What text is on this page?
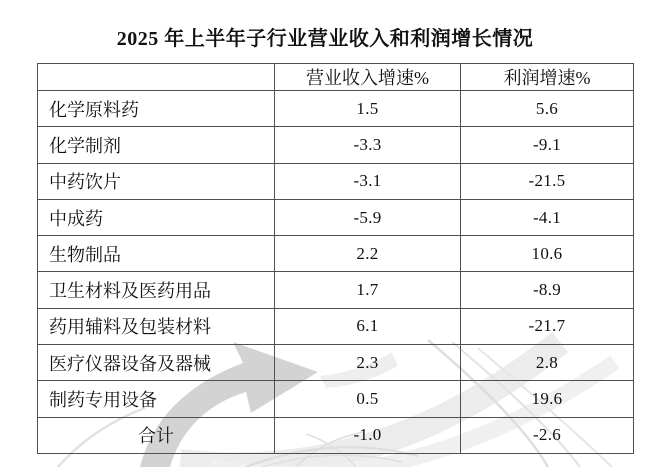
2025 年上半年子行业营业收入和利润增长情况
	营业收入增速%	利润增速%
化学原料药	1.5	5.6
化学制剂	-3.3	-9.1
中药饮片	-3.1	-21.5
中成药	-5.9	-4.1
生物制品	2.2	10.6
卫生材料及医药用品	1.7	-8.9
药用辅料及包装材料	6.1	-21.7
医疗仪器设备及器械	2.3	2.8
制药专用设备	0.5	19.6
合计	-1.0	-2.6
